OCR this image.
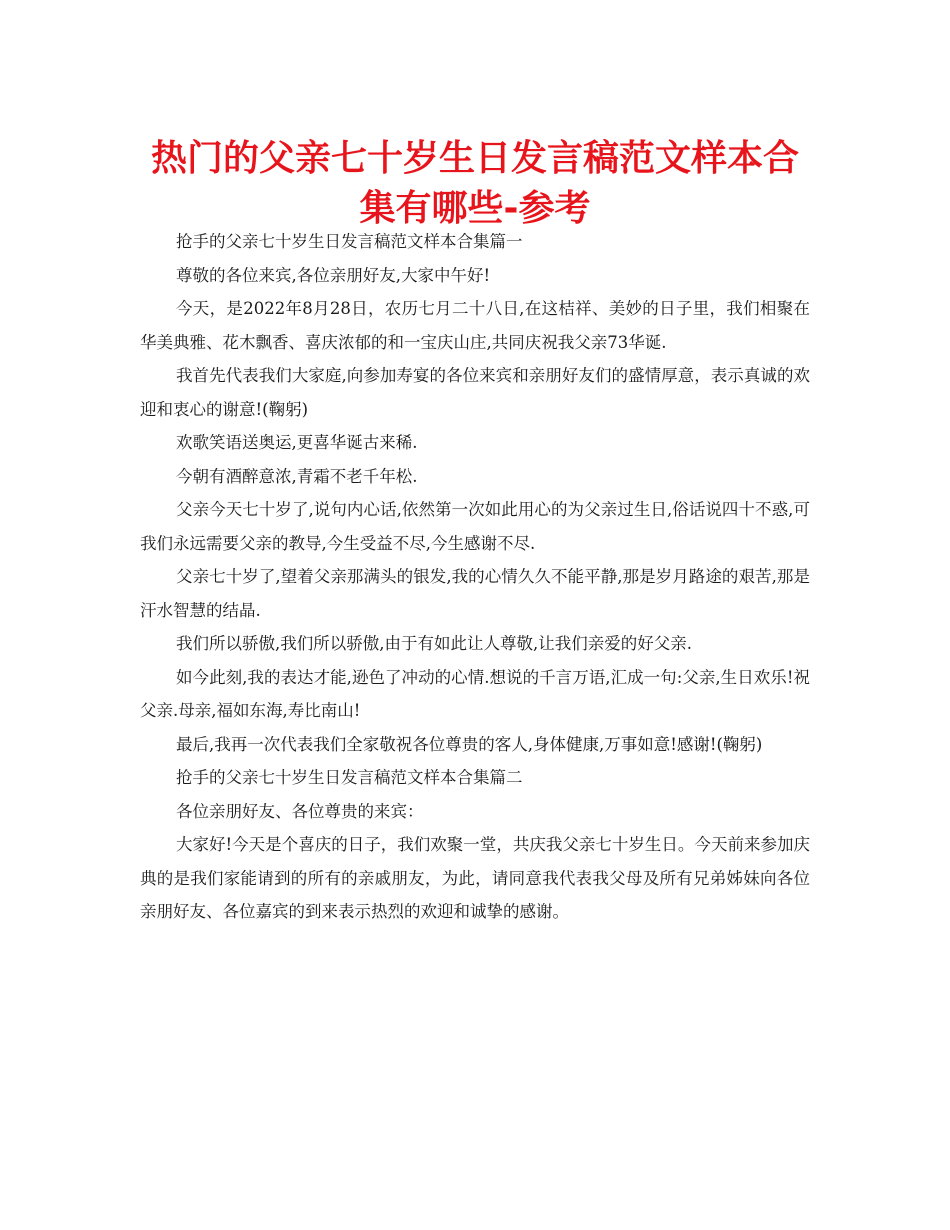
热门的父亲七十岁生日发言稿范文样本合集有哪些-参考

抢手的父亲七十岁生日发言稿范文样本合集篇一

尊敬的各位来宾,各位亲朋好友,大家中午好!

今天，是2022年8月28日，农历七月二十八日,在这桔祥、美妙的日子里，我们相聚在华美典雅、花木飘香、喜庆浓郁的和一宝庆山庄,共同庆祝我父亲73华诞.

我首先代表我们大家庭,向参加寿宴的各位来宾和亲朋好友们的盛情厚意，表示真诚的欢迎和衷心的谢意!(鞠躬)

欢歌笑语送奥运,更喜华诞古来稀.

今朝有酒醉意浓,青霜不老千年松.

父亲今天七十岁了,说句内心话,依然第一次如此用心的为父亲过生日,俗话说四十不惑,可我们永远需要父亲的教导,今生受益不尽,今生感谢不尽.

父亲七十岁了,望着父亲那满头的银发,我的心情久久不能平静,那是岁月路途的艰苦,那是汗水智慧的结晶.

我们所以骄傲,我们所以骄傲,由于有如此让人尊敬,让我们亲爱的好父亲.

如今此刻,我的表达才能,逊色了冲动的心情.想说的千言万语,汇成一句:父亲,生日欢乐!祝父亲.母亲,福如东海,寿比南山!

最后,我再一次代表我们全家敬祝各位尊贵的客人,身体健康,万事如意!感谢!(鞠躬)

抢手的父亲七十岁生日发言稿范文样本合集篇二

各位亲朋好友、各位尊贵的来宾：

大家好!今天是个喜庆的日子，我们欢聚一堂，共庆我父亲七十岁生日。今天前来参加庆典的是我们家能请到的所有的亲戚朋友，为此，请同意我代表我父母及所有兄弟姊妹向各位亲朋好友、各位嘉宾的到来表示热烈的欢迎和诚挚的感谢。
